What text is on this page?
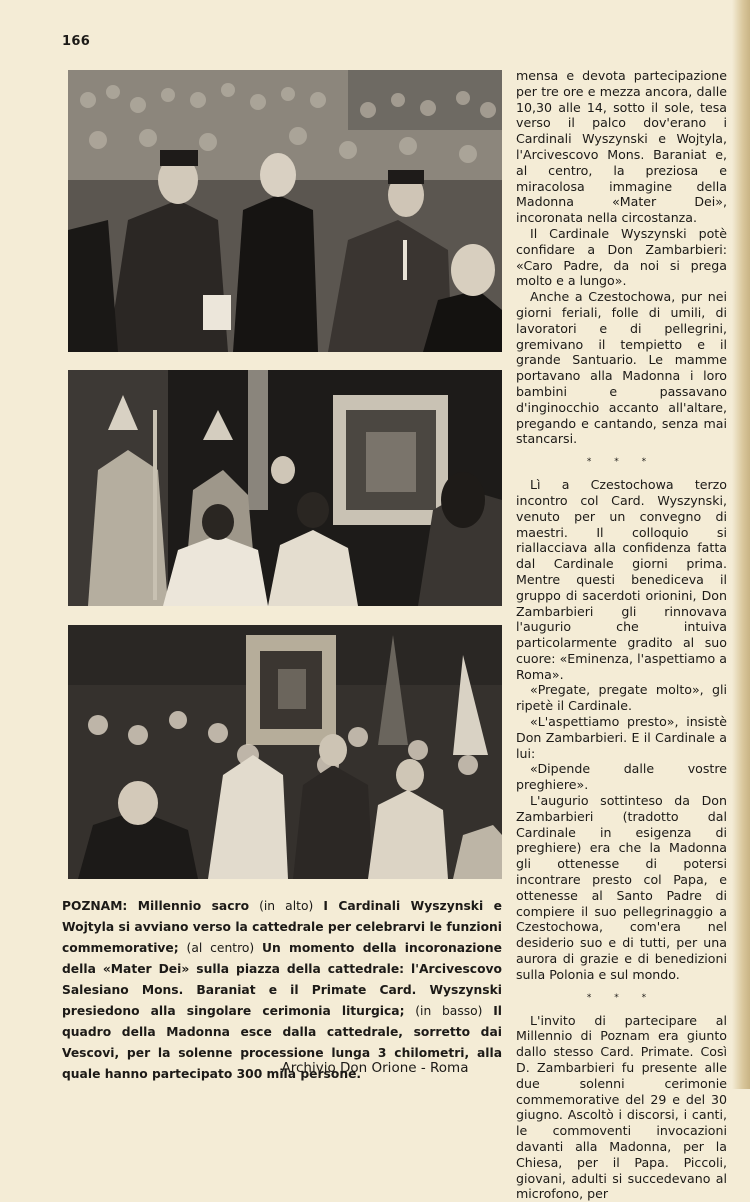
166

POZNAM: Millennio sacro (in alto) I Cardinali Wyszynski e Wojtyla si avviano verso la cattedrale per celebrarvi le funzioni commemorative; (al centro) Un momento della incoronazione della «Mater Dei» sulla piazza della cattedrale: l'Arcivescovo Salesiano Mons. Baraniat e il Primate Card. Wyszynski presiedono alla singolare cerimonia liturgica; (in basso) Il quadro della Madonna esce dalla cattedrale, sorretto dai Vescovi, per la solenne processione lunga 3 chilometri, alla quale hanno partecipato 300 mila persone.

mensa e devota partecipazione per tre ore e mezza ancora, dalle 10,30 alle 14, sotto il sole, tesa verso il palco dov'erano i Cardinali Wyszynski e Wojtyla, l'Arcivescovo Mons. Baraniat e, al centro, la preziosa e miracolosa immagine della Madonna «Mater Dei», incoronata nella circostanza.

Il Cardinale Wyszynski potè confidare a Don Zambarbieri: «Caro Padre, da noi si prega molto e a lungo».

Anche a Czestochowa, pur nei giorni feriali, folle di umili, di lavoratori e di pellegrini, gremivano il tempietto e il grande Santuario. Le mamme portavano alla Madonna i loro bambini e passavano d'inginocchio accanto all'altare, pregando e cantando, senza mai stancarsi.

* * *

Lì a Czestochowa terzo incontro col Card. Wyszynski, venuto per un convegno di maestri. Il colloquio si riallacciava alla confidenza fatta dal Cardinale giorni prima. Mentre questi benediceva il gruppo di sacerdoti orionini, Don Zambarbieri gli rinnovava l'augurio che intuiva particolarmente gradito al suo cuore: «Eminenza, l'aspettiamo a Roma».

«Pregate, pregate molto», gli ripetè il Cardinale.

«L'aspettiamo presto», insistè Don Zambarbieri. E il Cardinale a lui:

«Dipende dalle vostre preghiere».

L'augurio sottinteso da Don Zambarbieri (tradotto dal Cardinale in esigenza di preghiere) era che la Madonna gli ottenesse di potersi incontrare presto col Papa, e ottenesse al Santo Padre di compiere il suo pellegrinaggio a Czestochowa, com'era nel desiderio suo e di tutti, per una aurora di grazie e di benedizioni sulla Polonia e sul mondo.

* * *

L'invito di partecipare al Millennio di Poznam era giunto dallo stesso Card. Primate. Così D. Zambarbieri fu presente alle due solenni cerimonie commemorative del 29 e del 30 giugno. Ascoltò i discorsi, i canti, le commoventi invocazioni davanti alla Madonna, per la Chiesa, per il Papa. Piccoli, giovani, adulti si succedevano al microfono, per

Archivio Don Orione - Roma
